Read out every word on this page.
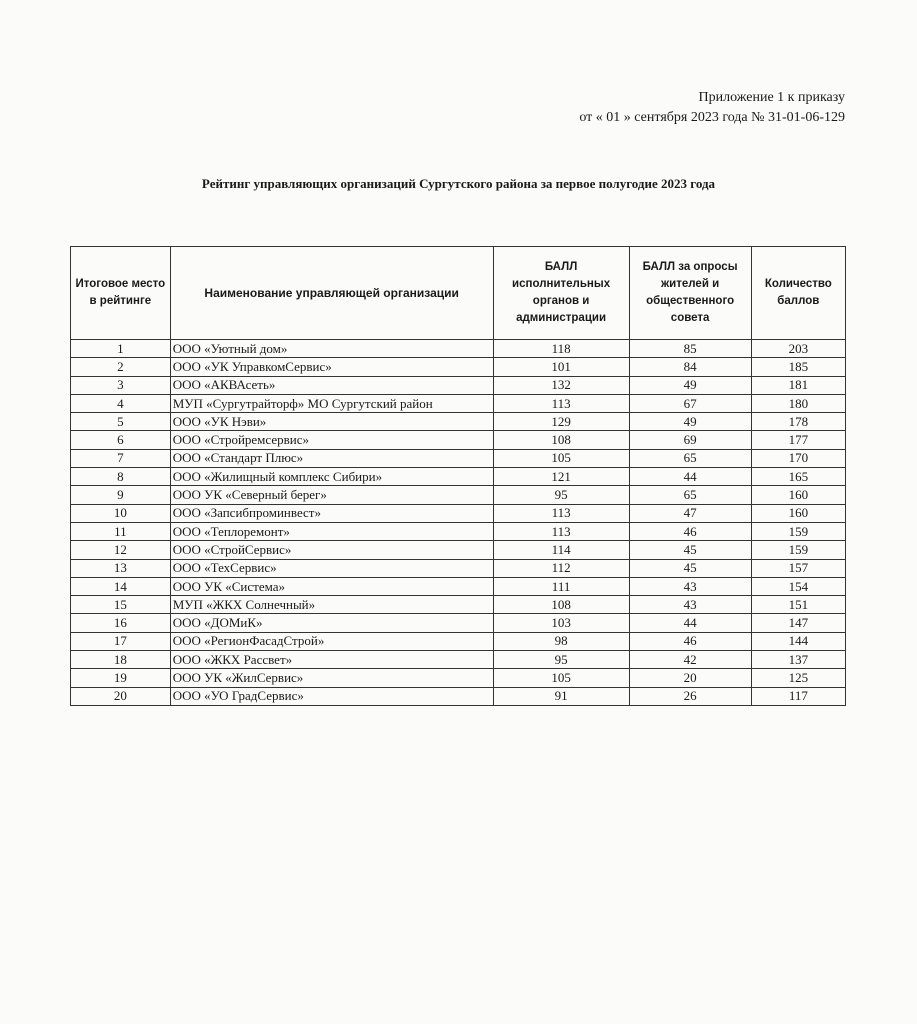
Приложение 1 к приказу
от « 01 » сентября 2023 года № 31-01-06-129
Рейтинг управляющих организаций Сургутского района за первое полугодие 2023 года
Итоговое место в рейтинге	Наименование управляющей организации	БАЛЛ исполнительных органов и администрации	БАЛЛ за опросы жителей и общественного совета	Количество баллов
1	ООО «Уютный дом»	118	85	203
2	ООО «УК УправкомСервис»	101	84	185
3	ООО «АКВАсеть»	132	49	181
4	МУП «Сургутрайторф» МО Сургутский район	113	67	180
5	ООО «УК Нэви»	129	49	178
6	ООО «Стройремсервис»	108	69	177
7	ООО «Стандарт Плюс»	105	65	170
8	ООО «Жилищный комплекс Сибири»	121	44	165
9	ООО УК «Северный берег»	95	65	160
10	ООО «Запсибпроминвест»	113	47	160
11	ООО «Теплоремонт»	113	46	159
12	ООО «СтройСервис»	114	45	159
13	ООО «ТехСервис»	112	45	157
14	ООО УК «Система»	111	43	154
15	МУП «ЖКХ Солнечный»	108	43	151
16	ООО «ДОМиК»	103	44	147
17	ООО «РегионФасадСтрой»	98	46	144
18	ООО «ЖКХ Рассвет»	95	42	137
19	ООО УК «ЖилСервис»	105	20	125
20	ООО «УО ГрадСервис»	91	26	117
